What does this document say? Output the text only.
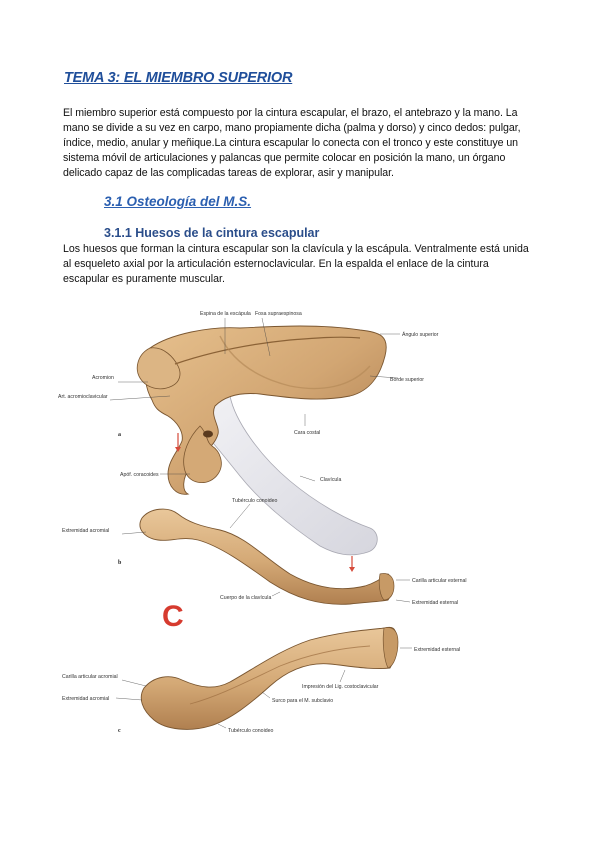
TEMA 3: EL MIEMBRO SUPERIOR

El miembro superior está compuesto por la cintura escapular, el brazo, el antebrazo y la mano. La mano se divide a su vez en carpo, mano propiamente dicha (palma y dorso) y cinco dedos: pulgar, índice, medio, anular y meñique.La cintura escapular lo conecta con el tronco y este constituye un sistema móvil de articulaciones y palancas que permite colocar en posición la mano, un órgano delicado capaz de las complicadas tareas de explorar, asir y manipular.

3.1 Osteología del M.S.
3.1.1 Huesos de la cintura escapular

Los huesos que forman la cintura escapular son la clavícula y la escápula. Ventralmente está unida al esqueleto axial por la articulación esternoclavicular. En la espalda el enlace de la cintura escapular es puramente muscular.

Espina de la escápula Fosa supraespinosa
Ángulo superior
Acromion	Borde superior
Art. acromioclavicular
Cara costal
Apóf. coracoides
Clavícula
a
Tubérculo conoideo
Extremidad acromial
Carilla articular esternal
Extremidad esternal
Cuerpo de la clavícula
b
C
Extremidad esternal
Carilla articular acromial
Impresión del Lig. costoclavicular
Extremidad acromial	Surco para el M. subclavio
Tubérculo conoideo
c
